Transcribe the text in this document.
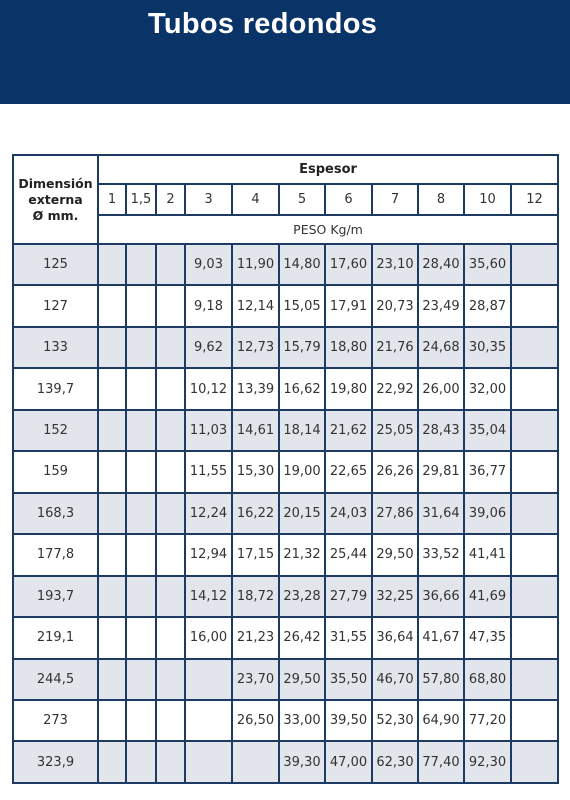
Tubos redondos
Dimensión
externa
Ø mm.	Espesor										
	1	1,5	2	3	4	5	6	7	8	10	12
	PESO Kg/m										
125				9,03	11,90	14,80	17,60	23,10	28,40	35,60	
127				9,18	12,14	15,05	17,91	20,73	23,49	28,87	
133				9,62	12,73	15,79	18,80	21,76	24,68	30,35	
139,7				10,12	13,39	16,62	19,80	22,92	26,00	32,00	
152				11,03	14,61	18,14	21,62	25,05	28,43	35,04	
159				11,55	15,30	19,00	22,65	26,26	29,81	36,77	
168,3				12,24	16,22	20,15	24,03	27,86	31,64	39,06	
177,8				12,94	17,15	21,32	25,44	29,50	33,52	41,41	
193,7				14,12	18,72	23,28	27,79	32,25	36,66	41,69	
219,1				16,00	21,23	26,42	31,55	36,64	41,67	47,35	
244,5					23,70	29,50	35,50	46,70	57,80	68,80	
273					26,50	33,00	39,50	52,30	64,90	77,20	
323,9						39,30	47,00	62,30	77,40	92,30	
